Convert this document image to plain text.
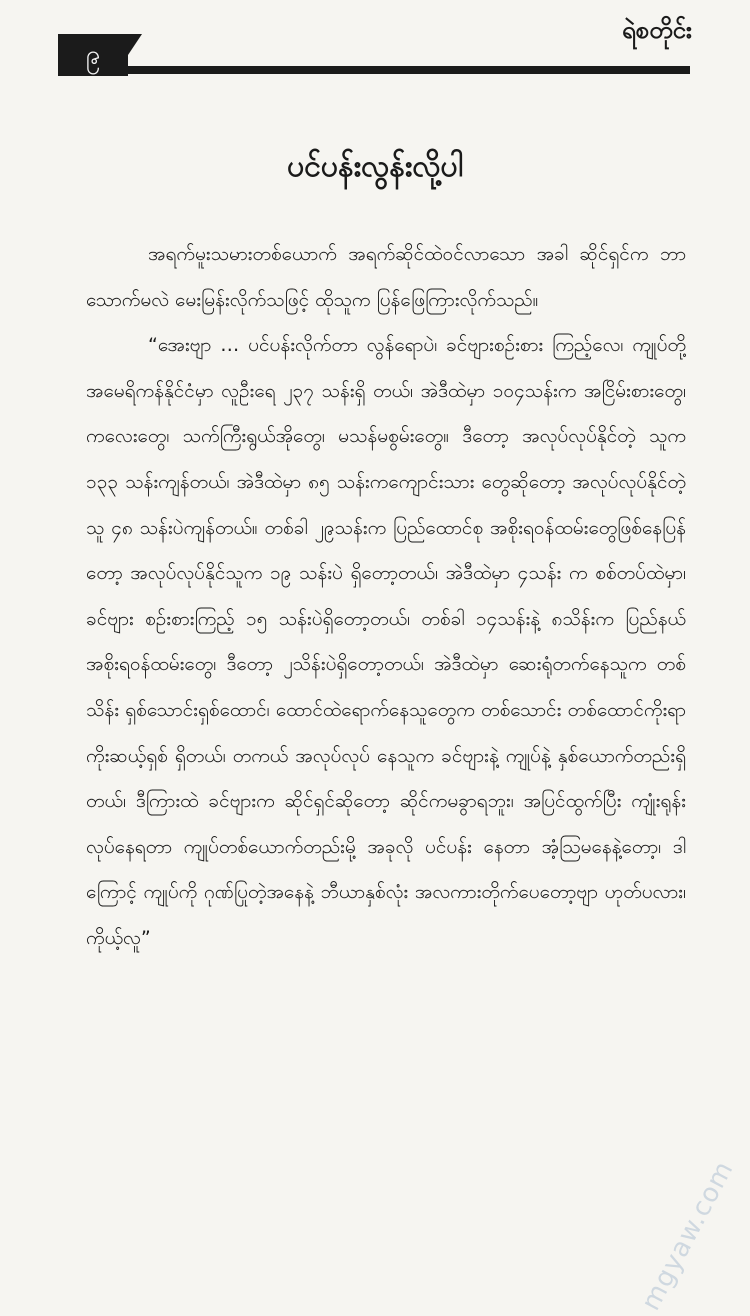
၉
ရဲစတိုင်း
ပင်ပန်းလွန်းလို့ပါ

အရက်မူးသမားတစ်ယောက် အရက်ဆိုင်ထဲဝင်လာသော အခါ ဆိုင်ရှင်က ဘာသောက်မလဲ မေးမြန်းလိုက်သဖြင့် ထိုသူက ပြန်ဖြေကြားလိုက်သည်။

“အေးဗျာ … ပင်ပန်းလိုက်တာ လွန်ရောပဲ၊ ခင်ဗျားစဉ်းစား ကြည့်လေ၊ ကျုပ်တို့ အမေရိကန်နိုင်ငံမှာ လူဦးရေ ၂၃၇ သန်းရှိ တယ်၊ အဲဒီထဲမှာ ၁၀၄သန်းက အငြိမ်းစားတွေ၊ ကလေးတွေ၊ သက်ကြီးရွယ်အိုတွေ၊ မသန်မစွမ်းတွေ။ ဒီတော့ အလုပ်လုပ်နိုင်တဲ့ သူက ၁၃၃ သန်းကျန်တယ်၊ အဲဒီထဲမှာ ၈၅ သန်းကကျောင်းသား တွေဆိုတော့ အလုပ်လုပ်နိုင်တဲ့သူ ၄၈ သန်းပဲကျန်တယ်။ တစ်ခါ ၂၉သန်းက ပြည်ထောင်စု အစိုးရဝန်ထမ်းတွေဖြစ်နေပြန်တော့ အလုပ်လုပ်နိုင်သူက ၁၉ သန်းပဲ ရှိတော့တယ်၊ အဲဒီထဲမှာ ၄သန်း က စစ်တပ်ထဲမှာ၊ ခင်ဗျား စဉ်းစားကြည့် ၁၅ သန်းပဲရှိတော့တယ်၊ တစ်ခါ ၁၄သန်းနဲ့ ၈သိန်းက ပြည်နယ်အစိုးရဝန်ထမ်းတွေ၊ ဒီတော့ ၂သိန်းပဲရှိတော့တယ်၊ အဲဒီထဲမှာ ဆေးရုံတက်နေသူက တစ်သိန်း ရှစ်သောင်းရှစ်ထောင်၊ ထောင်ထဲရောက်နေသူတွေက တစ်သောင်း တစ်ထောင်ကိုးရာ ကိုးဆယ့်ရှစ် ရှိတယ်၊ တကယ် အလုပ်လုပ် နေသူက ခင်ဗျားနဲ့ ကျုပ်နဲ့ နှစ်ယောက်တည်းရှိတယ်၊ ဒီကြားထဲ ခင်ဗျားက ဆိုင်ရှင်ဆိုတော့ ဆိုင်ကမခွာရဘူး၊ အပြင်ထွက်ပြီး ကျုံးရုန်းလုပ်နေရတာ ကျုပ်တစ်ယောက်တည်းမို့ အခုလို ပင်ပန်း နေတာ အံ့သြမနေနဲ့တော့၊ ဒါကြောင့် ကျုပ်ကို ဂုဏ်ပြုတဲ့အနေနဲ့ ဘီယာနှစ်လုံး အလကားတိုက်ပေတော့ဗျာ ဟုတ်ပလား၊ ကိုယ့်လူ”

mgyaw.com
